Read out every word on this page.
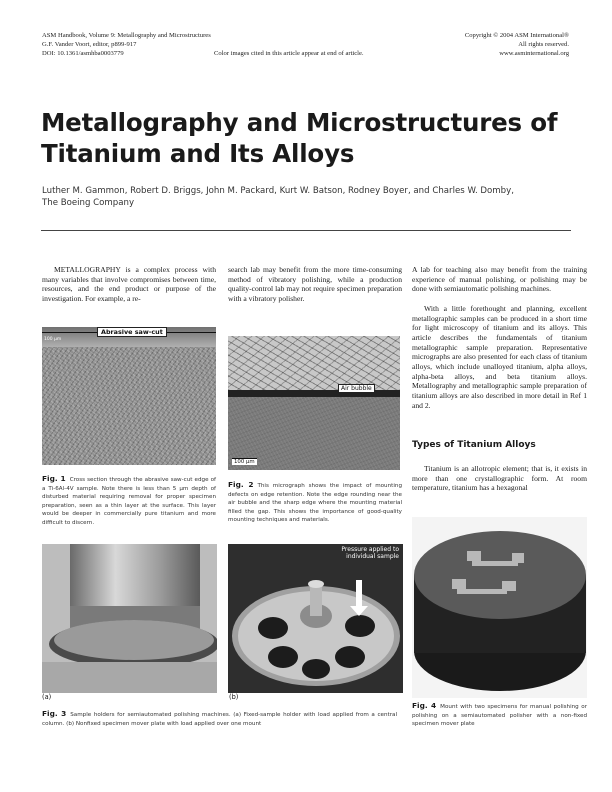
ASM Handbook, Volume 9: Metallography and Microstructures
G.F. Vander Voort, editor, p899-917
DOI: 10.1361/asmhba0003779	Color images cited in this article appear at end of article.
Copyright © 2004 ASM International®
All rights reserved.
www.asminternational.org
Metallography and Microstructures of Titanium and Its Alloys
Luther M. Gammon, Robert D. Briggs, John M. Packard, Kurt W. Batson, Rodney Boyer, and Charles W. Domby,
The Boeing Company
METALLOGRAPHY is a complex process with many variables that involve compromises between time, resources, and the end product or purpose of the investigation. For example, a re-
search lab may benefit from the more time-consuming method of vibratory polishing, while a production quality-control lab may not require specimen preparation with a vibratory polisher.
A lab for teaching also may benefit from the training experience of manual polishing, or polishing may be done with semiautomatic polishing machines.
With a little forethought and planning, excellent metallographic samples can be produced in a short time for light microscopy of titanium and its alloys. This article describes the fundamentals of titanium metallographic sample preparation. Representative micrographs are also presented for each class of titanium alloys, which include unalloyed titanium, alpha alloys, alpha-beta alloys, and beta titanium alloys. Metallography and metallographic sample preparation of titanium alloys are also described in more detail in Ref 1 and 2.
Types of Titanium Alloys
Titanium is an allotropic element; that is, it exists in more than one crystallographic form. At room temperature, titanium has a hexagonal
Abrasive saw-cut
100 µm
Fig. 1 Cross section through the abrasive saw-cut edge of a Ti-6Al-4V sample. Note there is less than 5 µm depth of disturbed material requiring removal for proper specimen preparation, seen as a thin layer at the surface. This layer would be deeper in commercially pure titanium and more difficult to discern.
Air bubble
100 µm
Fig. 2 This micrograph shows the impact of mounting defects on edge retention. Note the edge rounding near the air bubble and the sharp edge where the mounting material filled the gap. This shows the importance of good-quality mounting techniques and materials.
(a)
Pressure applied to individual sample
(b)
Fig. 3 Sample holders for semiautomated polishing machines. (a) Fixed-sample holder with load applied from a central column. (b) Nonfixed specimen mover plate with load applied over one mount
Fig. 4 Mount with two specimens for manual polishing or polishing on a semiautomated polisher with a non-fixed specimen mover plate
